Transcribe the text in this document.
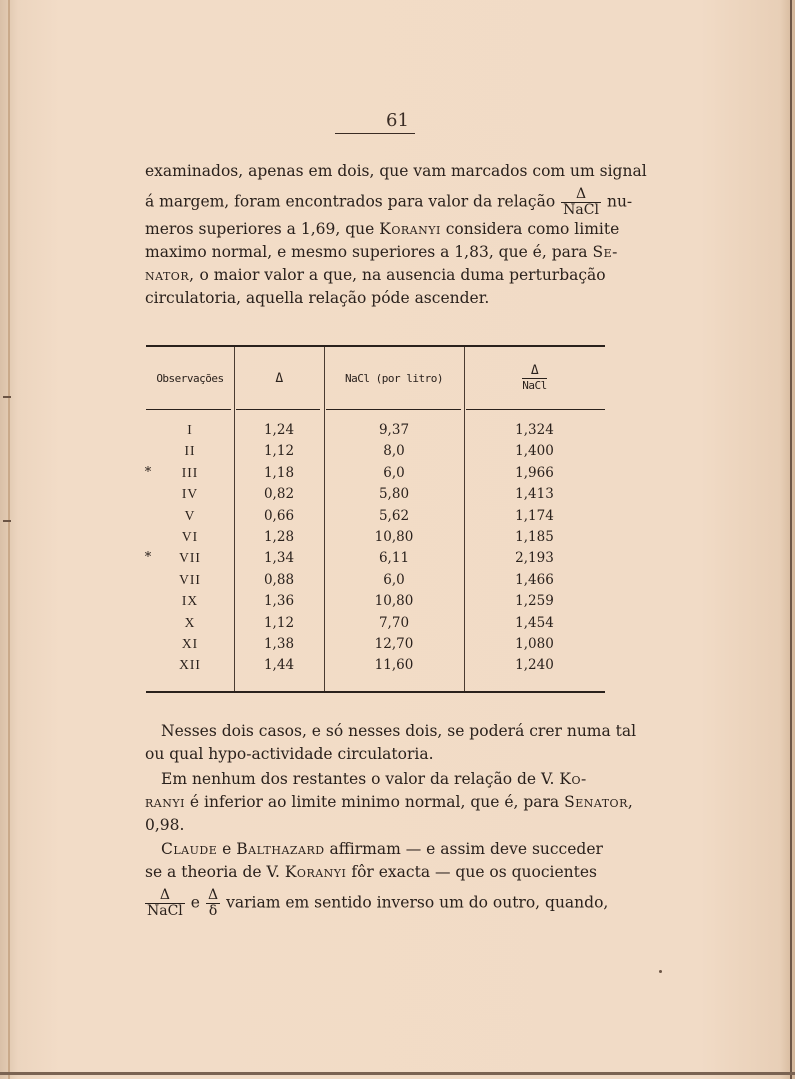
61
examinados, apenas em dois, que vam marcados com um signal
á margem, foram encontrados para valor da relação $\frac{\Delta}{\text{NaCl}} nu-$
meros superiores a 1,69, que Koranyi considera como limite
maximo normal, e mesmo superiores a 1,83, que é, para Se-
nator, o maior valor a que, na ausencia duma perturbação
circulatoria, aquella relação póde ascender.
Observações	Δ	NaCl (por litro)	$\frac{\Delta}{\text{NaCl}}$
I	1,24	9,37	1,324
II	1,12	8,0	1,400
*	III	1,18	6,0	1,966
IV	0,82	5,80	1,413
V	0,66	5,62	1,174
VI	1,28	10,80	1,185
*	VII	1,34	6,11	2,193
VII	0,88	6,0	1,466
IX	1,36	10,80	1,259
X	1,12	7,70	1,454
XI	1,38	12,70	1,080
XII	1,44	11,60	1,240
Nesses dois casos, e só nesses dois, se poderá crer numa tal
ou qual hypo-actividade circulatoria.
Em nenhum dos restantes o valor da relação de V. Ko-
ranyi é inferior ao limite minimo normal, que é, para Senator,
0,98.
Claude e Balthazard affirmam — e assim deve succeder
se a theoria de V. Koranyi fôr exacta — que os quocientes
$\frac{\Delta}{\text{NaCl}}$ e $\frac{\Delta}{\delta}$ variam em sentido inverso um do outro, quando,
